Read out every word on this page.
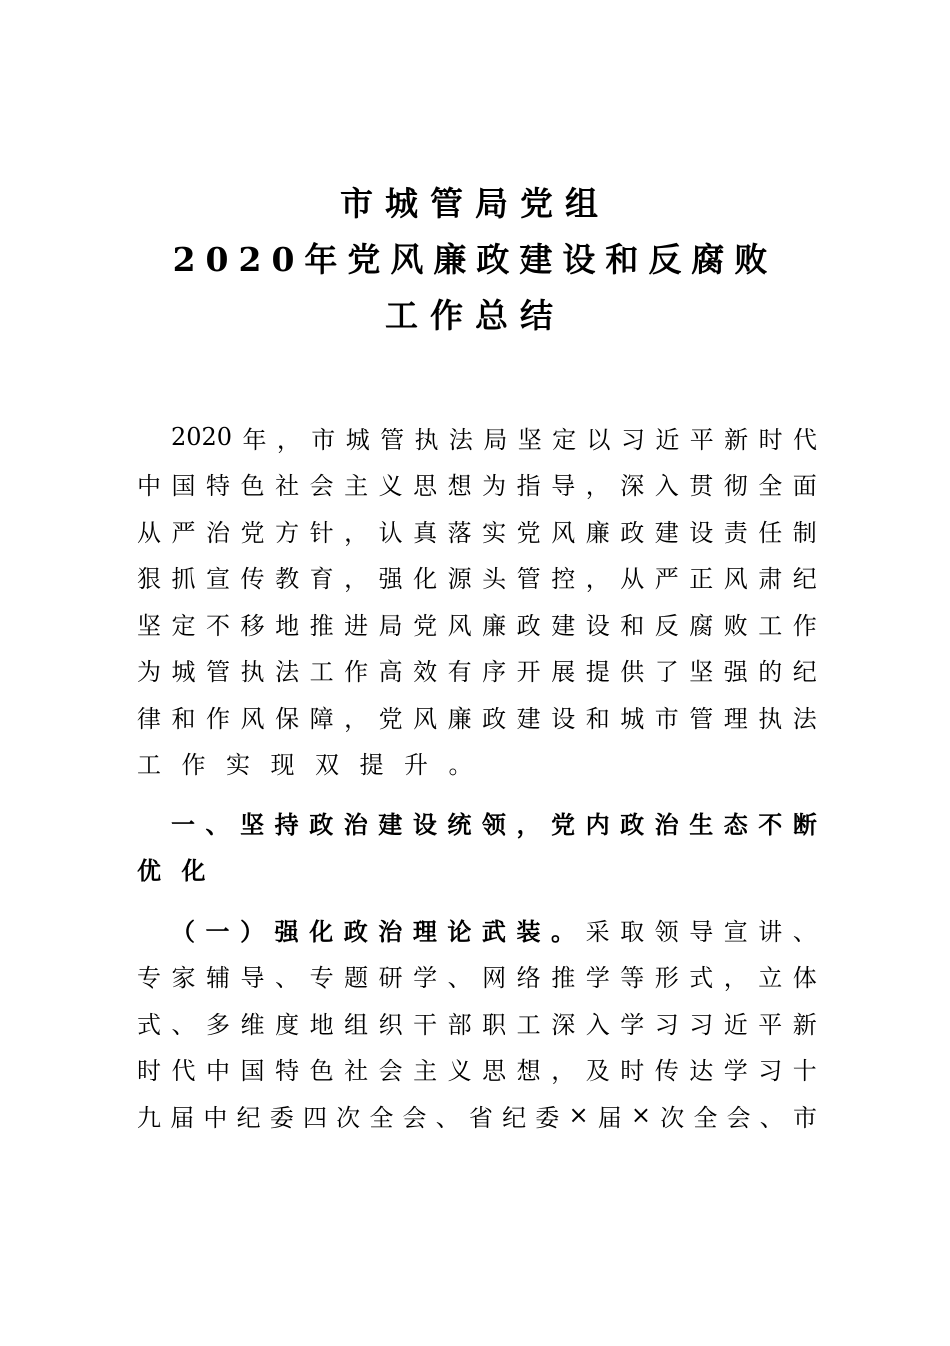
市城管局党组
2020年党风廉政建设和反腐败
工作总结
2020 年 ， 市 城 管 执 法 局 坚 定 以 习 近 平 新 时 代
中 国 特 色 社 会 主 义 思 想 为 指 导 ， 深 入 贯 彻 全 面
从 严 治 党 方 针 ， 认 真 落 实 党 风 廉 政 建 设 责 任 制
狠 抓 宣 传 教 育 ， 强 化 源 头 管 控 ， 从 严 正 风 肃 纪
坚 定 不 移 地 推 进 局 党 风 廉 政 建 设 和 反 腐 败 工 作
为 城 管 执 法 工 作 高 效 有 序 开 展 提 供 了 坚 强 的 纪
律 和 作 风 保 障 ， 党 风 廉 政 建 设 和 城 市 管 理 执 法
工 作 实 现 双 提 升 。
一 、 坚 持 政 治 建 设 统 领 ， 党 内 政 治 生 态 不 断
优 化
（ 一 ） 强 化 政 治 理 论 武 装 。 采 取 领 导 宣 讲 、
专 家 辅 导 、 专 题 研 学 、 网 络 推 学 等 形 式 ， 立 体
式 、 多 维 度 地 组 织 干 部 职 工 深 入 学 习 习 近 平 新
时 代 中 国 特 色 社 会 主 义 思 想 ， 及 时 传 达 学 习 十
九 届 中 纪 委 四 次 全 会 、 省 纪 委 × 届 × 次 全 会 、 市
